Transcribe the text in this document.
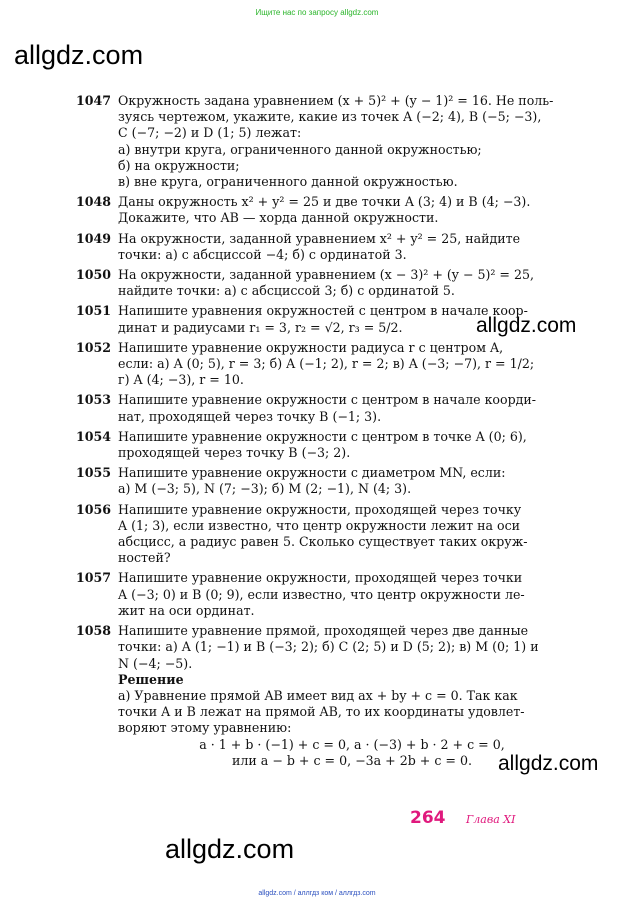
Ищите нас по запросу allgdz.com
allgdz.com
allgdz.com
allgdz.com
allgdz.com
1047 Окружность задана уравнением (x + 5)² + (y − 1)² = 16. Не поль-
зуясь чертежом, укажите, какие из точек A (−2; 4), B (−5; −3),
C (−7; −2) и D (1; 5) лежат:
а) внутри круга, ограниченного данной окружностью;
б) на окружности;
в) вне круга, ограниченного данной окружностью.
1048 Даны окружность x² + y² = 25 и две точки A (3; 4) и B (4; −3).
Докажите, что AB — хорда данной окружности.
1049 На окружности, заданной уравнением x² + y² = 25, найдите
точки: а) с абсциссой −4; б) с ординатой 3.
1050 На окружности, заданной уравнением (x − 3)² + (y − 5)² = 25,
найдите точки: а) с абсциссой 3; б) с ординатой 5.
1051 Напишите уравнения окружностей с центром в начале коор-
динат и радиусами r₁ = 3, r₂ = √2, r₃ = 5/2.
1052 Напишите уравнение окружности радиуса r с центром A,
если: а) A (0; 5), r = 3; б) A (−1; 2), r = 2; в) A (−3; −7), r = 1/2;
г) A (4; −3), r = 10.
1053 Напишите уравнение окружности с центром в начале коорди-
нат, проходящей через точку B (−1; 3).
1054 Напишите уравнение окружности с центром в точке A (0; 6),
проходящей через точку B (−3; 2).
1055 Напишите уравнение окружности с диаметром MN, если:
а) M (−3; 5), N (7; −3); б) M (2; −1), N (4; 3).
1056 Напишите уравнение окружности, проходящей через точку
A (1; 3), если известно, что центр окружности лежит на оси
абсцисс, а радиус равен 5. Сколько существует таких окруж-
ностей?
1057 Напишите уравнение окружности, проходящей через точки
A (−3; 0) и B (0; 9), если известно, что центр окружности ле-
жит на оси ординат.
1058 Напишите уравнение прямой, проходящей через две данные
точки: а) A (1; −1) и B (−3; 2); б) C (2; 5) и D (5; 2); в) M (0; 1) и
N (−4; −5).
Решение
а) Уравнение прямой AB имеет вид ax + by + c = 0. Так как
точки A и B лежат на прямой AB, то их координаты удовлет-
воряют этому уравнению:
a · 1 + b · (−1) + c = 0, a · (−3) + b · 2 + c = 0,
или a − b + c = 0, −3a + 2b + c = 0.
264 Глава XI
allgdz.com / аллгдз ком / аллгдз.com
